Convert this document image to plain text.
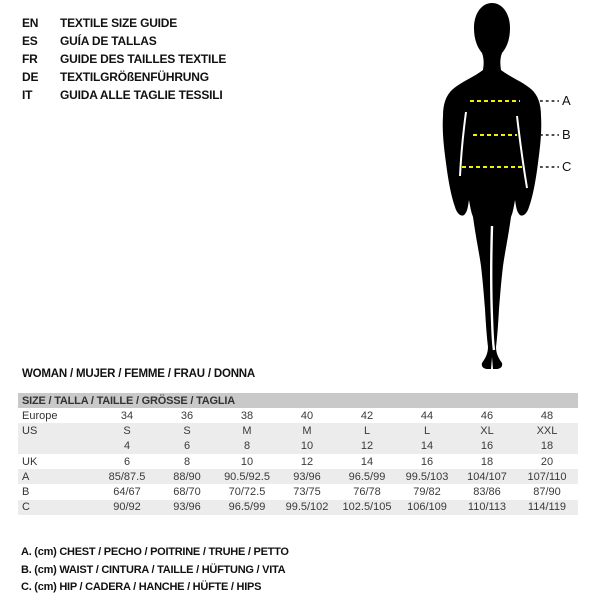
EN	TEXTILE SIZE GUIDE
ES	GUÍA DE TALLAS
FR	GUIDE DES TAILLES TEXTILE
DE	TEXTILGRÖßENFÜHRUNG
IT	GUIDA ALLE TAGLIE TESSILI	A
B
C
WOMAN / MUJER / FEMME / FRAU / DONNA
SIZE / TALLA / TAILLE / GRÖSSE / TAGLIA
Europe	34	36	38	40	42	44	46	48
US	S	S	M	M	L	L	XL	XXL
4	6	8	10	12	14	16	18
UK	6	8	10	12	14	16	18	20
A	85/87.5	88/90	90.5/92.5	93/96	96.5/99	99.5/103	104/107	107/110
B	64/67	68/70	70/72.5	73/75	76/78	79/82	83/86	87/90
C	90/92	93/96	96.5/99	99.5/102	102.5/105	106/109	110/113	114/119
A. (cm) CHEST / PECHO / POITRINE / TRUHE / PETTO
B. (cm) WAIST / CINTURA / TAILLE / HÜFTUNG / VITA
C. (cm) HIP / CADERA / HANCHE / HÜFTE / HIPS
